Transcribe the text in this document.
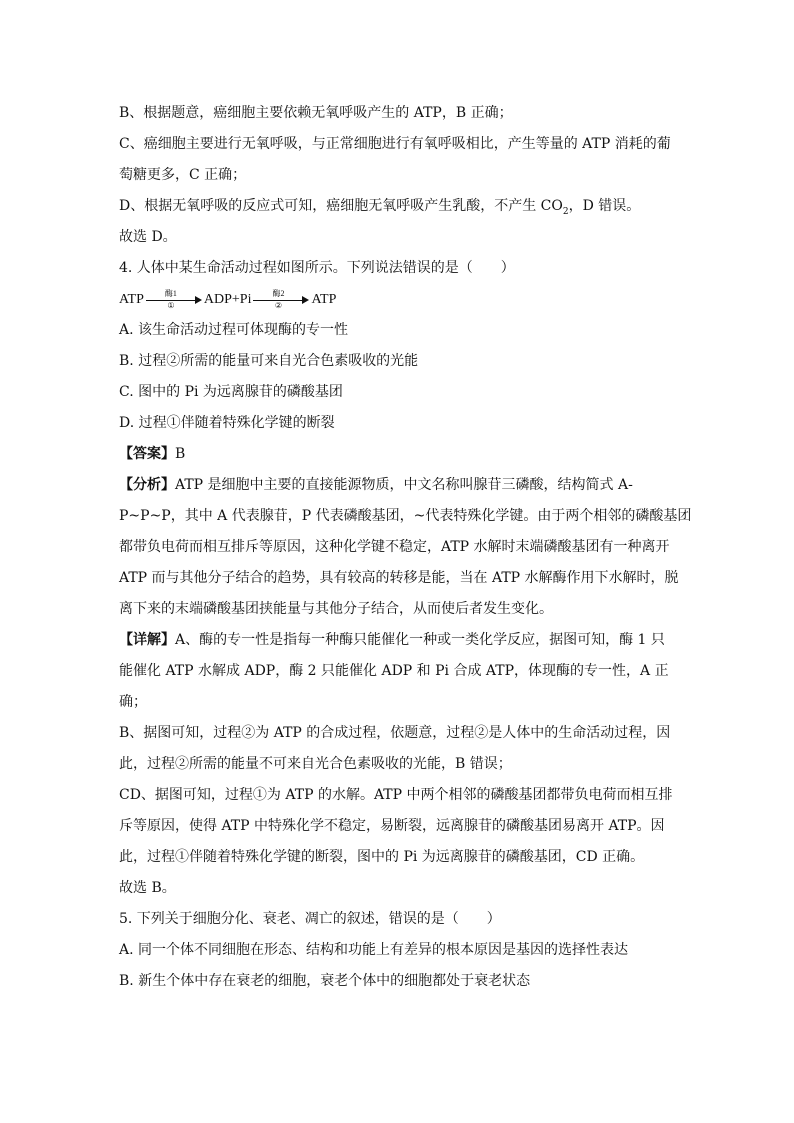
B、根据题意，癌细胞主要依赖无氧呼吸产生的 ATP，B 正确；
C、癌细胞主要进行无氧呼吸，与正常细胞进行有氧呼吸相比，产生等量的 ATP 消耗的葡
萄糖更多，C 正确；
D、根据无氧呼吸的反应式可知，癌细胞无氧呼吸产生乳酸，不产生 $CO_2$，D 错误。
故选 D。
4. 人体中某生命活动过程如图所示。下列说法错误的是（　　）
ATP	酶1
①	ADP+Pi	酶2
②	ATP
A. 该生命活动过程可体现酶的专一性
B. 过程②所需的能量可来自光合色素吸收的光能
C. 图中的 Pi 为远离腺苷的磷酸基团
D. 过程①伴随着特殊化学键的断裂
【答案】B
【分析】ATP 是细胞中主要的直接能源物质，中文名称叫腺苷三磷酸，结构简式 A-
P~P~P，其中 A 代表腺苷，P 代表磷酸基团，~代表特殊化学键。由于两个相邻的磷酸基团
都带负电荷而相互排斥等原因，这种化学键不稳定，ATP 水解时末端磷酸基团有一种离开
ATP 而与其他分子结合的趋势，具有较高的转移是能，当在 ATP 水解酶作用下水解时，脱
离下来的末端磷酸基团挟能量与其他分子结合，从而使后者发生变化。
【详解】A、酶的专一性是指每一种酶只能催化一种或一类化学反应，据图可知，酶 1 只
能催化 ATP 水解成 ADP，酶 2 只能催化 ADP 和 Pi 合成 ATP，体现酶的专一性，A 正
确；
B、据图可知，过程②为 ATP 的合成过程，依题意，过程②是人体中的生命活动过程，因
此，过程②所需的能量不可来自光合色素吸收的光能，B 错误；
CD、据图可知，过程①为 ATP 的水解。ATP 中两个相邻的磷酸基团都带负电荷而相互排
斥等原因，使得 ATP 中特殊化学不稳定，易断裂，远离腺苷的磷酸基团易离开 ATP。因
此，过程①伴随着特殊化学键的断裂，图中的 Pi 为远离腺苷的磷酸基团，CD 正确。
故选 B。
5. 下列关于细胞分化、衰老、凋亡的叙述，错误的是（　　）
A. 同一个体不同细胞在形态、结构和功能上有差异的根本原因是基因的选择性表达
B. 新生个体中存在衰老的细胞，衰老个体中的细胞都处于衰老状态
